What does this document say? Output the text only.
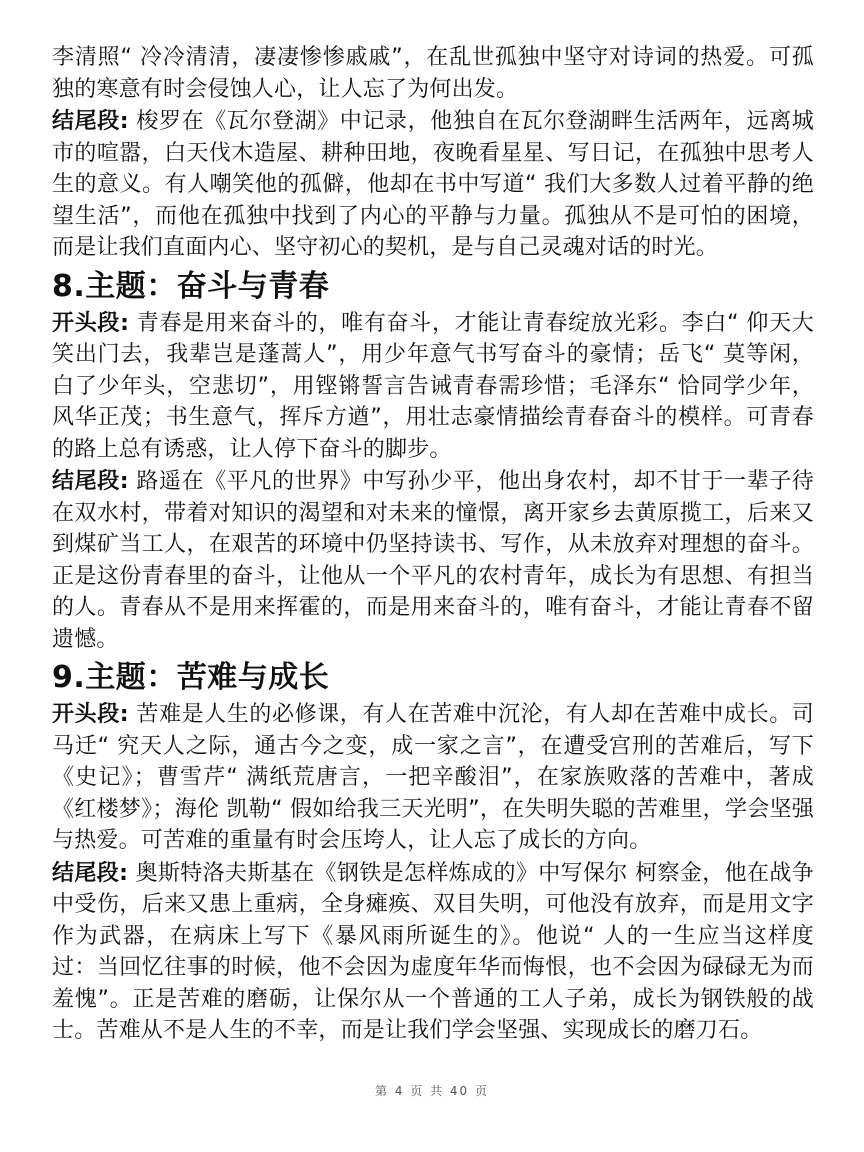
李清照“ 冷冷清清，凄凄惨惨戚戚”，在乱世孤独中坚守对诗词的热爱。可孤独的寒意有时会侵蚀人心，让人忘了为何出发。

结尾段: 梭罗在《瓦尔登湖》中记录，他独自在瓦尔登湖畔生活两年，远离城市的喧嚣，白天伐木造屋、耕种田地，夜晚看星星、写日记，在孤独中思考人生的意义。有人嘲笑他的孤僻，他却在书中写道“ 我们大多数人过着平静的绝望生活”，而他在孤独中找到了内心的平静与力量。孤独从不是可怕的困境，而是让我们直面内心、坚守初心的契机，是与自己灵魂对话的时光。

8.主题：奋斗与青春

开头段: 青春是用来奋斗的，唯有奋斗，才能让青春绽放光彩。李白“ 仰天大笑出门去，我辈岂是蓬蒿人”，用少年意气书写奋斗的豪情；岳飞“ 莫等闲，白了少年头，空悲切”，用铿锵誓言告诫青春需珍惜；毛泽东“ 恰同学少年，风华正茂；书生意气，挥斥方遒”，用壮志豪情描绘青春奋斗的模样。可青春的路上总有诱惑，让人停下奋斗的脚步。

结尾段: 路遥在《平凡的世界》中写孙少平，他出身农村，却不甘于一辈子待在双水村，带着对知识的渴望和对未来的憧憬，离开家乡去黄原揽工，后来又到煤矿当工人，在艰苦的环境中仍坚持读书、写作，从未放弃对理想的奋斗。正是这份青春里的奋斗，让他从一个平凡的农村青年，成长为有思想、有担当的人。青春从不是用来挥霍的，而是用来奋斗的，唯有奋斗，才能让青春不留遗憾。

9.主题：苦难与成长

开头段: 苦难是人生的必修课，有人在苦难中沉沦，有人却在苦难中成长。司马迁“ 究天人之际，通古今之变，成一家之言”，在遭受宫刑的苦难后，写下《史记》；曹雪芹“ 满纸荒唐言，一把辛酸泪”，在家族败落的苦难中，著成《红楼梦》；海伦 凯勒“ 假如给我三天光明”，在失明失聪的苦难里，学会坚强与热爱。可苦难的重量有时会压垮人，让人忘了成长的方向。

结尾段: 奥斯特洛夫斯基在《钢铁是怎样炼成的》中写保尔 柯察金，他在战争中受伤，后来又患上重病，全身瘫痪、双目失明，可他没有放弃，而是用文字作为武器，在病床上写下《暴风雨所诞生的》。他说“ 人的一生应当这样度过：当回忆往事的时候，他不会因为虚度年华而悔恨，也不会因为碌碌无为而羞愧”。正是苦难的磨砺，让保尔从一个普通的工人子弟，成长为钢铁般的战士。苦难从不是人生的不幸，而是让我们学会坚强、实现成长的磨刀石。

第 4 页 共 40 页
